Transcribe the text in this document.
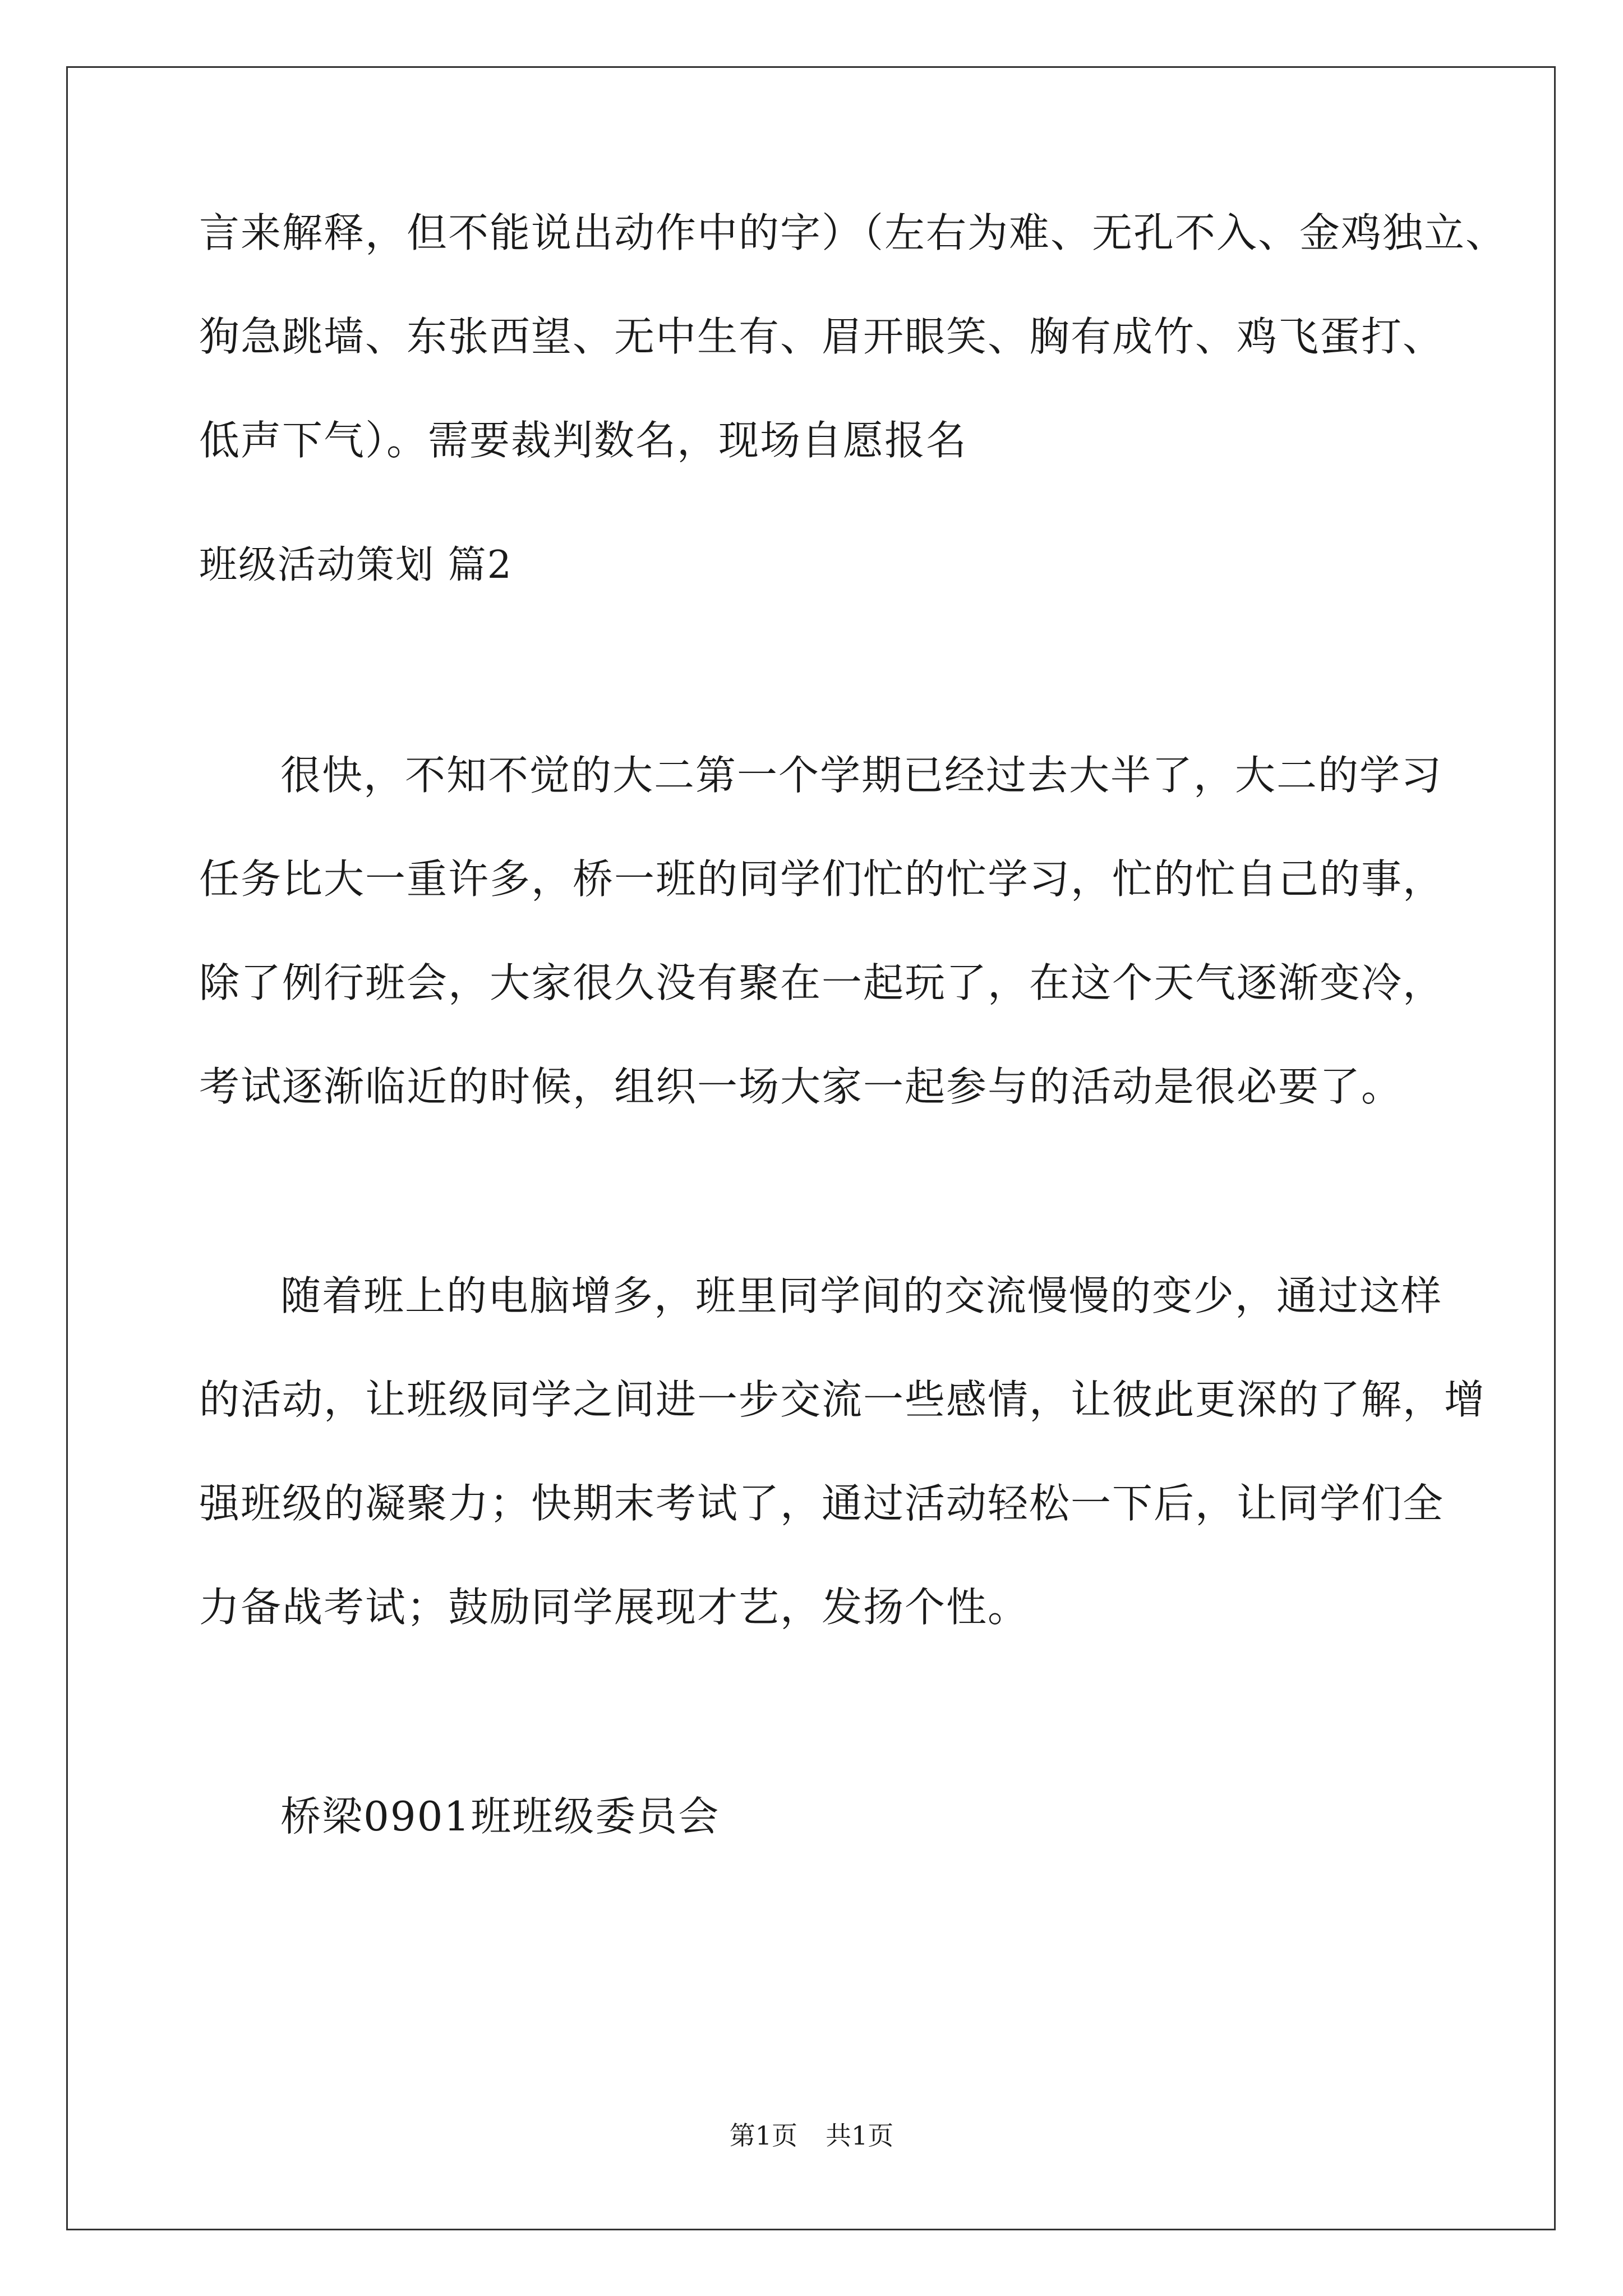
言来解释，但不能说出动作中的字）（左右为难、无孔不入、金鸡独立、
狗急跳墙、东张西望、无中生有、眉开眼笑、胸有成竹、鸡飞蛋打、
低声下气）。需要裁判数名，现场自愿报名
班级活动策划 篇2
很快，不知不觉的大二第一个学期已经过去大半了，大二的学习
任务比大一重许多，桥一班的同学们忙的忙学习，忙的忙自己的事，
除了例行班会，大家很久没有聚在一起玩了，在这个天气逐渐变冷，
考试逐渐临近的时候，组织一场大家一起参与的活动是很必要了。
随着班上的电脑增多，班里同学间的交流慢慢的变少，通过这样
的活动，让班级同学之间进一步交流一些感情，让彼此更深的了解，增
强班级的凝聚力；快期末考试了，通过活动轻松一下后，让同学们全
力备战考试；鼓励同学展现才艺，发扬个性。
桥梁0901班班级委员会
第1页 共1页
